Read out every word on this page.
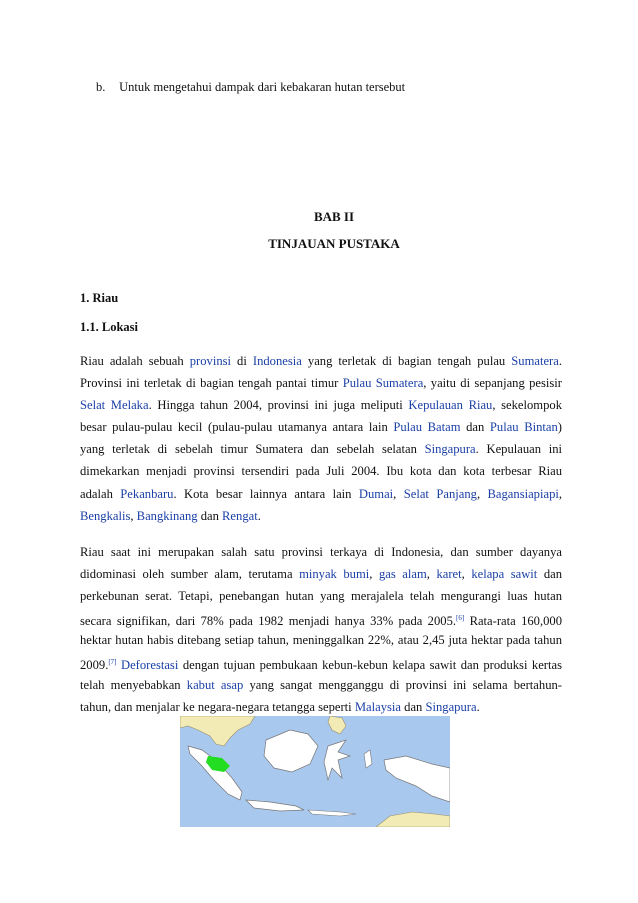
b. Untuk mengetahui dampak dari kebakaran hutan tersebut
BAB II
TINJAUAN PUSTAKA
1. Riau
1.1. Lokasi
Riau adalah sebuah provinsi di Indonesia yang terletak di bagian tengah pulau Sumatera.
Provinsi ini terletak di bagian tengah pantai timur Pulau Sumatera, yaitu di sepanjang pesisir
Selat Melaka. Hingga tahun 2004, provinsi ini juga meliputi Kepulauan Riau, sekelompok
besar pulau-pulau kecil (pulau-pulau utamanya antara lain Pulau Batam dan Pulau Bintan)
yang terletak di sebelah timur Sumatera dan sebelah selatan Singapura. Kepulauan ini
dimekarkan menjadi provinsi tersendiri pada Juli 2004. Ibu kota dan kota terbesar Riau
adalah Pekanbaru. Kota besar lainnya antara lain Dumai, Selat Panjang, Bagansiapiapi,
Bengkalis, Bangkinang dan Rengat.
Riau saat ini merupakan salah satu provinsi terkaya di Indonesia, dan sumber dayanya
didominasi oleh sumber alam, terutama minyak bumi, gas alam, karet, kelapa sawit dan
perkebunan serat. Tetapi, penebangan hutan yang merajalela telah mengurangi luas hutan
secara signifikan, dari 78% pada 1982 menjadi hanya 33% pada 2005.[6] Rata-rata 160,000
hektar hutan habis ditebang setiap tahun, meninggalkan 22%, atau 2,45 juta hektar pada tahun
2009.[7] Deforestasi dengan tujuan pembukaan kebun-kebun kelapa sawit dan produksi kertas
telah menyebabkan kabut asap yang sangat mengganggu di provinsi ini selama bertahun-
tahun, dan menjalar ke negara-negara tetangga seperti Malaysia dan Singapura.
